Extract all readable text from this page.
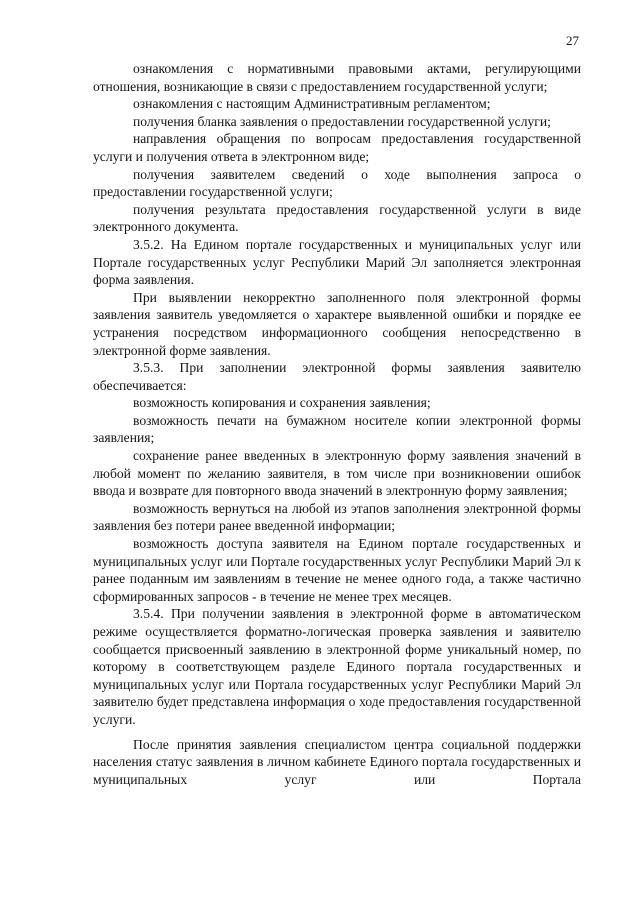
27

ознакомления с нормативными правовыми актами, регулирующими отношения, возникающие в связи с предоставлением государственной услуги;

ознакомления с настоящим Административным регламентом;

получения бланка заявления о предоставлении государственной услуги;

направления обращения по вопросам предоставления государственной услуги и получения ответа в электронном виде;

получения заявителем сведений о ходе выполнения запроса о предоставлении государственной услуги;

получения результата предоставления государственной услуги в виде электронного документа.

3.5.2. На Едином портале государственных и муниципальных услуг или Портале государственных услуг Республики Марий Эл заполняется электронная форма заявления.

При выявлении некорректно заполненного поля электронной формы заявления заявитель уведомляется о характере выявленной ошибки и порядке ее устранения посредством информационного сообщения непосредственно в электронной форме заявления.

3.5.3. При заполнении электронной формы заявления заявителю обеспечивается:

возможность копирования и сохранения заявления;

возможность печати на бумажном носителе копии электронной формы заявления;

сохранение ранее введенных в электронную форму заявления значений в любой момент по желанию заявителя, в том числе при возникновении ошибок ввода и возврате для повторного ввода значений в электронную форму заявления;

возможность вернуться на любой из этапов заполнения электронной формы заявления без потери ранее введенной информации;

возможность доступа заявителя на Едином портале государственных и муниципальных услуг или Портале государственных услуг Республики Марий Эл к ранее поданным им заявлениям в течение не менее одного года, а также частично сформированных запросов - в течение не менее трех месяцев.

3.5.4. При получении заявления в электронной форме в автоматическом режиме осуществляется форматно-логическая проверка заявления и заявителю сообщается присвоенный заявлению в электронной форме уникальный номер, по которому в соответствующем разделе Единого портала государственных и муниципальных услуг или Портала государственных услуг Республики Марий Эл заявителю будет представлена информация о ходе предоставления государственной услуги.

После принятия заявления специалистом центра социальной поддержки населения статус заявления в личном кабинете Единого портала государственных и муниципальных услуг или Портала
